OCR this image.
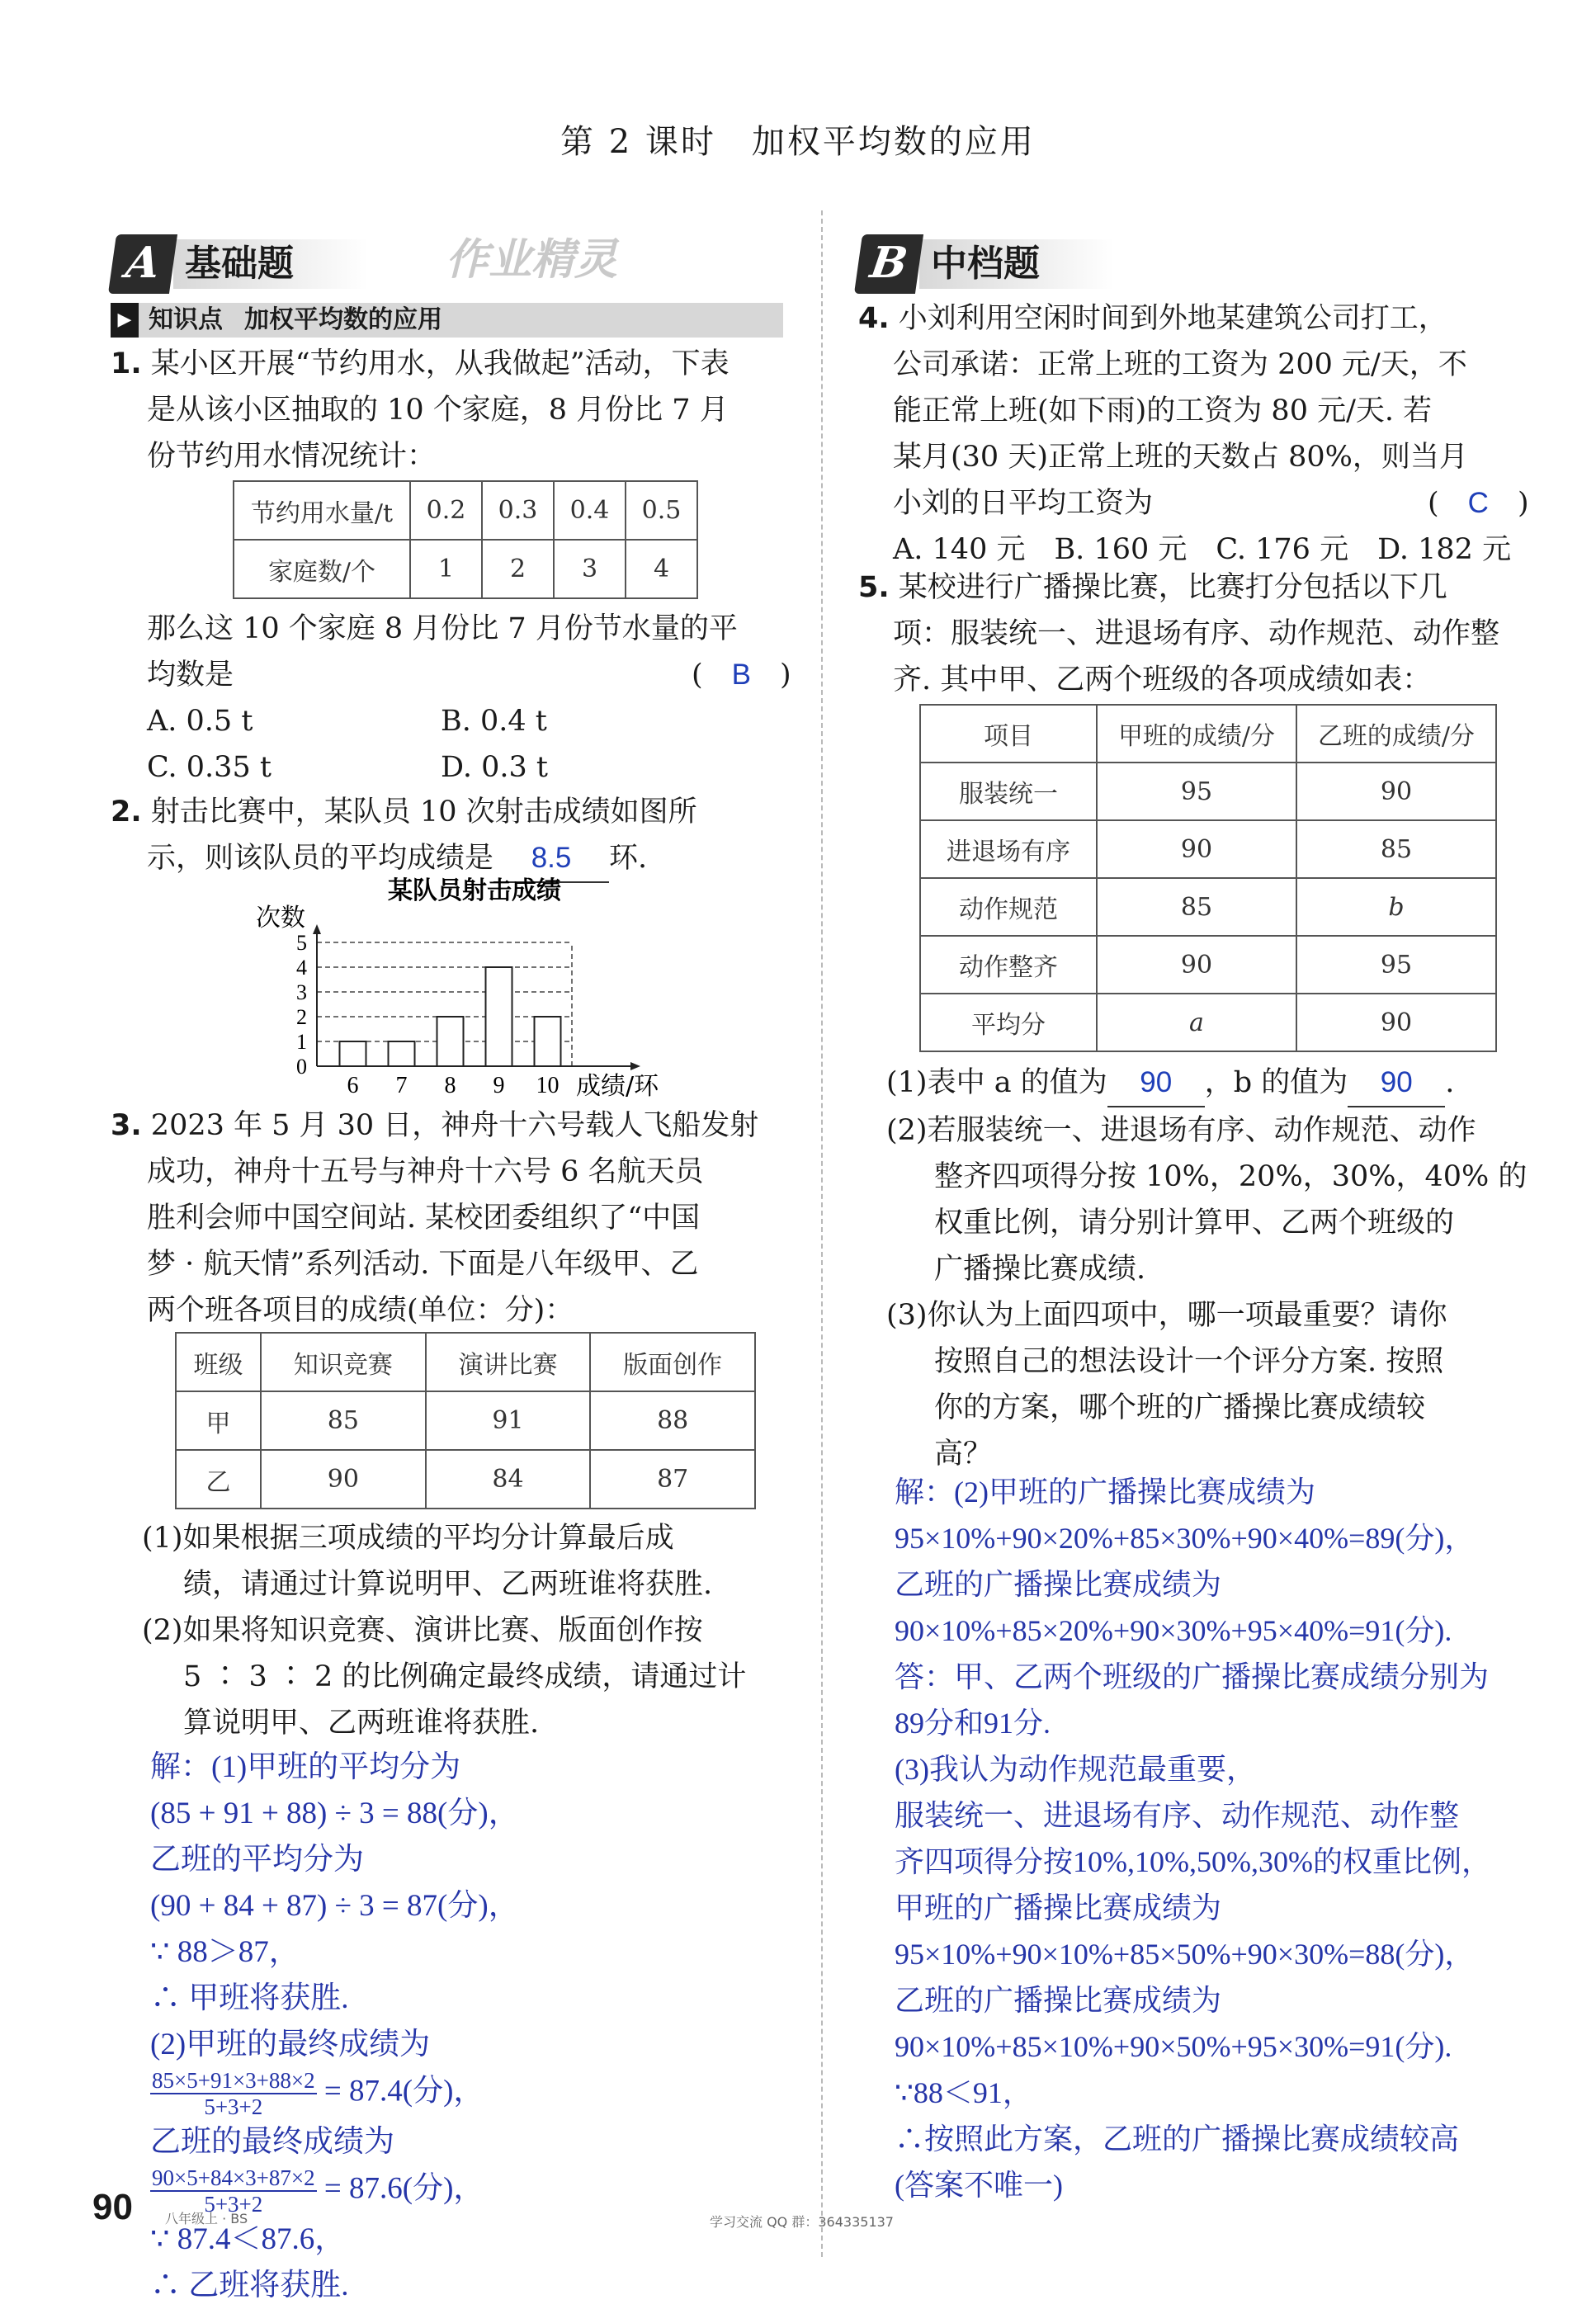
第 2 课时　加权平均数的应用
A 基础题	作业精灵
▶ 知识点 加权平均数的应用
1. 某小区开展“节约用水，从我做起”活动，下表
是从该小区抽取的 10 个家庭，8 月份比 7 月
份节约用水情况统计：
节约用水量/t	0.2	0.3	0.4	0.5
家庭数/个	1	2	3	4
那么这 10 个家庭 8 月份比 7 月份节水量的平
均数是	(　B　)
A. 0.5 t	B. 0.4 t
C. 0.35 t	D. 0.3 t
2. 射击比赛中，某队员 10 次射击成绩如图所
示，则该队员的平均成绩是 8.5 环.
某队员射击成绩
次数
0
1
2
3
4
5
6 7 8 9 10 成绩/环
3. 2023 年 5 月 30 日，神舟十六号载人飞船发射
成功，神舟十五号与神舟十六号 6 名航天员
胜利会师中国空间站. 某校团委组织了“中国
梦 · 航天情”系列活动. 下面是八年级甲、乙
两个班各项目的成绩(单位：分)：
班级	知识竞赛	演讲比赛	版面创作
甲	85	91	88
乙	90	84	87
(1)如果根据三项成绩的平均分计算最后成
绩，请通过计算说明甲、乙两班谁将获胜.
(2)如果将知识竞赛、演讲比赛、版面创作按
5 ∶ 3 ∶ 2 的比例确定最终成绩，请通过计
算说明甲、乙两班谁将获胜.
解：(1)甲班的平均分为
(85 + 91 + 88) ÷ 3 = 88(分)，
乙班的平均分为
(90 + 84 + 87) ÷ 3 = 87(分)，
∵ 88＞87，
∴ 甲班将获胜.
(2)甲班的最终成绩为
$\frac{85\times 5+91\times 3+88\times 2}{5+3+2} = 87.4$(分)，
乙班的最终成绩为
$\frac{90\times 5+84\times 3+87\times 2}{5+3+2} = 87.6$(分)，
∵ 87.4＜87.6，
∴ 乙班将获胜.
B 中档题
4. 小刘利用空闲时间到外地某建筑公司打工，
公司承诺：正常上班的工资为 200 元/天，不
能正常上班(如下雨)的工资为 80 元/天. 若
某月(30 天)正常上班的天数占 80%，则当月
小刘的日平均工资为	(　C　)
A. 140 元　B. 160 元　C. 176 元　D. 182 元
5. 某校进行广播操比赛，比赛打分包括以下几
项：服装统一、进退场有序、动作规范、动作整
齐. 其中甲、乙两个班级的各项成绩如表：
项目	甲班的成绩/分	乙班的成绩/分
服装统一	95	90
进退场有序	90	85
动作规范	85	b
动作整齐	90	95
平均分	a	90
(1)表中 a 的值为 90 ，b 的值为 90 .
(2)若服装统一、进退场有序、动作规范、动作
整齐四项得分按 10%，20%，30%，40% 的
权重比例，请分别计算甲、乙两个班级的
广播操比赛成绩.
(3)你认为上面四项中，哪一项最重要？请你
按照自己的想法设计一个评分方案. 按照
你的方案，哪个班的广播操比赛成绩较
高？
解：(2)甲班的广播操比赛成绩为
95×10%+90×20%+85×30%+90×40%=89(分)，
乙班的广播操比赛成绩为
90×10%+85×20%+90×30%+95×40%=91(分).
答：甲、乙两个班级的广播操比赛成绩分别为
89分和91分.
(3)我认为动作规范最重要，
服装统一、进退场有序、动作规范、动作整
齐四项得分按10%,10%,50%,30%的权重比例，
甲班的广播操比赛成绩为
95×10%+90×10%+85×50%+90×30%=88(分)，
乙班的广播操比赛成绩为
90×10%+85×10%+90×50%+95×30%=91(分).
∵88＜91，
∴按照此方案，乙班的广播操比赛成绩较高
(答案不唯一)
90 八年级上 · BS	学习交流 QQ 群：364335137
